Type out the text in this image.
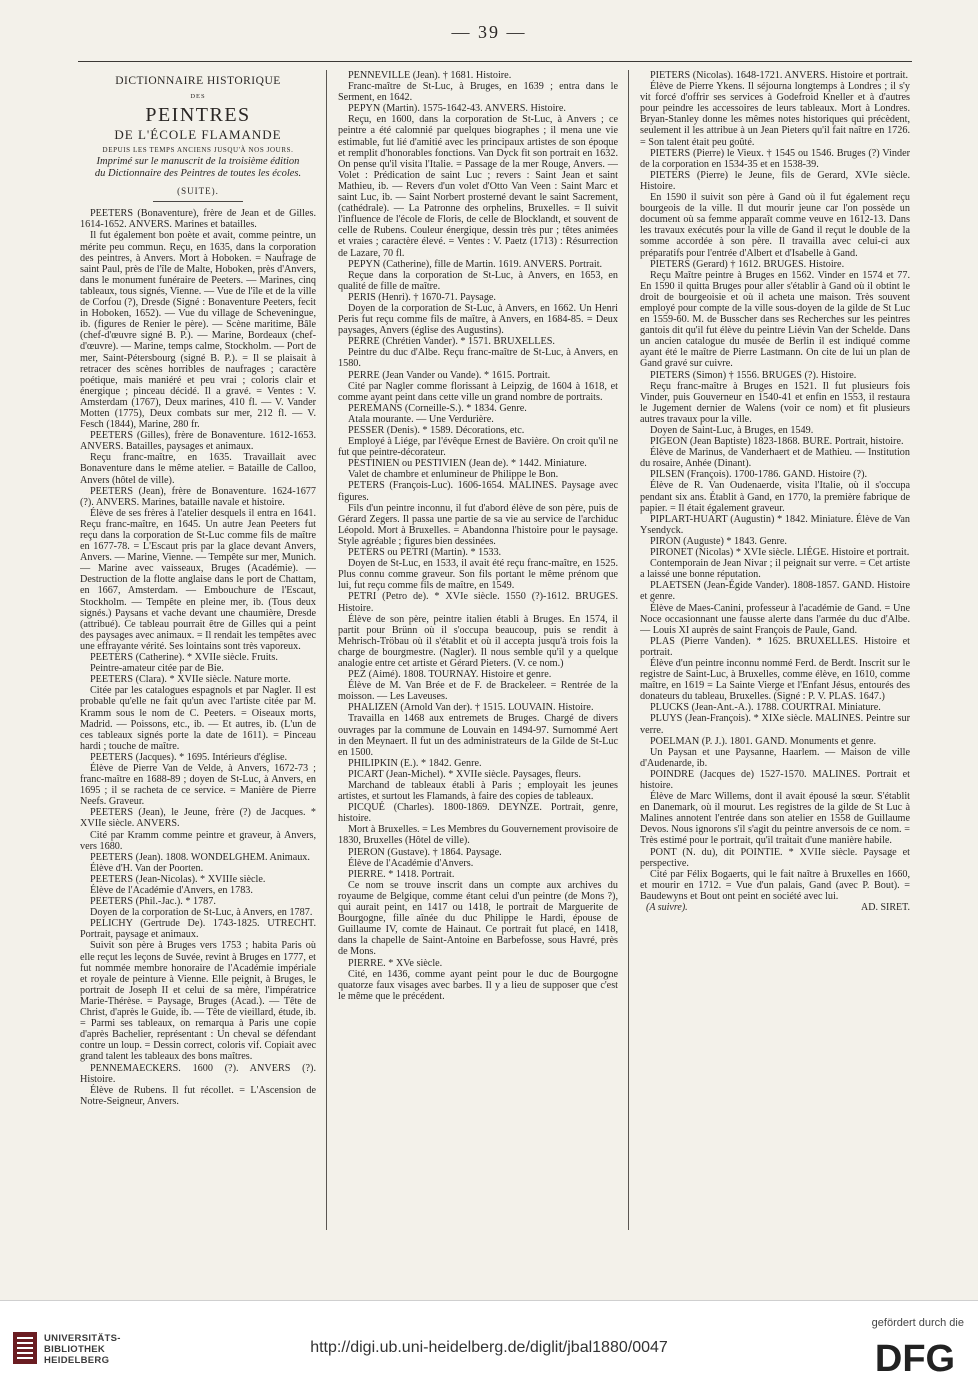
— 39 —

DICTIONNAIRE HISTORIQUE

DES

PEINTRES

DE L'ÉCOLE FLAMANDE

DEPUIS LES TEMPS ANCIENS JUSQU'À NOS JOURS.

Imprimé sur le manuscrit de la troisième édition

du Dictionnaire des Peintres de toutes les écoles.

(SUITE).

PEETERS (Bonaventure), frère de Jean et de Gilles. 1614-1652. ANVERS. Marines et batailles.

Il fut également bon poète et avait, comme peintre, un mérite peu commun. Reçu, en 1635, dans la corporation des peintres, à Anvers. Mort à Hoboken. = Naufrage de saint Paul, près de l'île de Malte, Hoboken, près d'Anvers, dans le monument funéraire de Peeters. — Marines, cinq tableaux, tous signés, Vienne. — Vue de l'île et de la ville de Corfou (?), Dresde (Signé : Bonaventure Peeters, fecit in Hoboken, 1652). — Vue du village de Scheveningue, ib. (figures de Renier le père). — Scène maritime, Bâle (chef-d'œuvre signé B. P.). — Marine, Bordeaux (chef-d'œuvre). — Marine, temps calme, Stockholm. — Port de mer, Saint-Pétersbourg (signé B. P.). = Il se plaisait à retracer des scènes horribles de naufrages ; caractère poétique, mais maniéré et peu vrai ; coloris clair et énergique ; pinceau décidé. Il a gravé. = Ventes : V. Amsterdam (1767), Deux marines, 410 fl. — V. Vander Motten (1775), Deux combats sur mer, 212 fl. — V. Fesch (1844), Marine, 280 fr.

PEETERS (Gilles), frère de Bonaventure. 1612-1653. ANVERS. Batailles, paysages et animaux.

Reçu franc-maître, en 1635. Travaillait avec Bonaventure dans le même atelier. = Bataille de Calloo, Anvers (hôtel de ville).

PEETERS (Jean), frère de Bonaventure. 1624-1677 (?). ANVERS. Marines, bataille navale et histoire.

Élève de ses frères à l'atelier desquels il entra en 1641. Reçu franc-maître, en 1645. Un autre Jean Peeters fut reçu dans la corporation de St-Luc comme fils de maître en 1677-78. = L'Escaut pris par la glace devant Anvers, Anvers. — Marine, Vienne. — Tempête sur mer, Munich. — Marine avec vaisseaux, Bruges (Académie). — Destruction de la flotte anglaise dans le port de Chattam, en 1667, Amsterdam. — Embouchure de l'Escaut, Stockholm. — Tempête en pleine mer, ib. (Tous deux signés.) Paysans et vache devant une chaumière, Dresde (attribué). Ce tableau pourrait être de Gilles qui a peint des paysages avec animaux. = Il rendait les tempêtes avec une effrayante vérité. Ses lointains sont très vaporeux.

PEETERS (Catherine). * XVIIe siècle. Fruits.

Peintre-amateur citée par de Bie.

PEETERS (Clara). * XVIIe siècle. Nature morte.

Citée par les catalogues espagnols et par Nagler. Il est probable qu'elle ne fait qu'un avec l'artiste citée par M. Kramm sous le nom de C. Peeters. = Oiseaux morts, Madrid. — Poissons, etc., ib. — Et autres, ib. (L'un de ces tableaux signés porte la date de 1611). = Pinceau hardi ; touche de maître.

PEETERS (Jacques). * 1695. Intérieurs d'église.

Élève de Pierre Van de Velde, à Anvers, 1672-73 ; franc-maître en 1688-89 ; doyen de St-Luc, à Anvers, en 1695 ; il se racheta de ce service. = Manière de Pierre Neefs. Graveur.

PEETERS (Jean), le Jeune, frère (?) de Jacques. * XVIIe siècle. ANVERS.

Cité par Kramm comme peintre et graveur, à Anvers, vers 1680.

PEETERS (Jean). 1808. WONDELGHEM. Animaux.

Élève d'H. Van der Poorten.

PEETERS (Jean-Nicolas). * XVIIIe siècle.

Élève de l'Académie d'Anvers, en 1783.

PEETERS (Phil.-Jac.). * 1787.

Doyen de la corporation de St-Luc, à Anvers, en 1787.

PELICHY (Gertrude De). 1743-1825. UTRECHT. Portrait, paysage et animaux.

Suivit son père à Bruges vers 1753 ; habita Paris où elle reçut les leçons de Suvée, revint à Bruges en 1777, et fut nommée membre honoraire de l'Académie impériale et royale de peinture à Vienne. Elle peignit, à Bruges, le portrait de Joseph II et celui de sa mère, l'impératrice Marie-Thérèse. = Paysage, Bruges (Acad.). — Tête de Christ, d'après le Guide, ib. — Tête de vieillard, étude, ib. = Parmi ses tableaux, on remarqua à Paris une copie d'après Bachelier, représentant : Un cheval se défendant contre un loup. = Dessin correct, coloris vif. Copiait avec grand talent les tableaux des bons maîtres.

PENNEMAECKERS. 1600 (?). ANVERS (?). Histoire.

Élève de Rubens. Il fut récollet. = L'Ascension de Notre-Seigneur, Anvers.

PENNEVILLE (Jean). † 1681. Histoire.

Franc-maître de St-Luc, à Bruges, en 1639 ; entra dans le Serment, en 1642.

PEPYN (Martin). 1575-1642-43. ANVERS. Histoire.

Reçu, en 1600, dans la corporation de St-Luc, à Anvers ; ce peintre a été calomnié par quelques biographes ; il mena une vie estimable, fut lié d'amitié avec les principaux artistes de son époque et remplit d'honorables fonctions. Van Dyck fit son portrait en 1632. On pense qu'il visita l'Italie. = Passage de la mer Rouge, Anvers. — Volet : Prédication de saint Luc ; revers : Saint Jean et saint Mathieu, ib. — Revers d'un volet d'Otto Van Veen : Saint Marc et saint Luc, ib. — Saint Norbert prosterné devant le saint Sacrement, (cathédrale). — La Patronne des orphelins, Bruxelles. = Il suivit l'influence de l'école de Floris, de celle de Blocklandt, et souvent de celle de Rubens. Couleur énergique, dessin très pur ; têtes animées et vraies ; caractère élevé. = Ventes : V. Paetz (1713) : Résurrection de Lazare, 70 fl.

PEPYN (Catherine), fille de Martin. 1619. ANVERS. Portrait.

Reçue dans la corporation de St-Luc, à Anvers, en 1653, en qualité de fille de maître.

PERIS (Henri). † 1670-71. Paysage.

Doyen de la corporation de St-Luc, à Anvers, en 1662. Un Henri Peris fut reçu comme fils de maître, à Anvers, en 1684-85. = Deux paysages, Anvers (église des Augustins).

PERRE (Chrétien Vander). * 1571. BRUXELLES.

Peintre du duc d'Albe. Reçu franc-maître de St-Luc, à Anvers, en 1580.

PERRE (Jean Vander ou Vande). * 1615. Portrait.

Cité par Nagler comme florissant à Leipzig, de 1604 à 1618, et comme ayant peint dans cette ville un grand nombre de portraits.

PEREMANS (Corneille-S.). * 1834. Genre.

Atala mourante. — Une Verdurière.

PESSER (Denis). * 1589. Décorations, etc.

Employé à Liége, par l'évêque Ernest de Bavière. On croit qu'il ne fut que peintre-décorateur.

PESTINIEN ou PESTIVIEN (Jean de). * 1442. Miniature.

Valet de chambre et enlumineur de Philippe le Bon.

PETERS (François-Luc). 1606-1654. MALINES. Paysage avec figures.

Fils d'un peintre inconnu, il fut d'abord élève de son père, puis de Gérard Zegers. Il passa une partie de sa vie au service de l'archiduc Léopold. Mort à Bruxelles. = Abandonna l'histoire pour le paysage. Style agréable ; figures bien dessinées.

PETERS ou PETRI (Martin). * 1533.

Doyen de St-Luc, en 1533, il avait été reçu franc-maître, en 1525. Plus connu comme graveur. Son fils portant le même prénom que lui, fut reçu comme fils de maître, en 1549.

PETRI (Petro de). * XVIe siècle. 1550 (?)-1612. BRUGES. Histoire.

Élève de son père, peintre italien établi à Bruges. En 1574, il partit pour Brünn où il s'occupa beaucoup, puis se rendit à Mehrisch-Tröbau où il s'établit et où il accepta jusqu'à trois fois la charge de bourgmestre. (Nagler). Il nous semble qu'il y a quelque analogie entre cet artiste et Gérard Pieters. (V. ce nom.)

PEZ (Aimé). 1808. TOURNAY. Histoire et genre.

Élève de M. Van Brée et de F. de Brackeleer. = Rentrée de la moisson. — Les Laveuses.

PHALIZEN (Arnold Van der). † 1515. LOUVAIN. Histoire.

Travailla en 1468 aux entremets de Bruges. Chargé de divers ouvrages par la commune de Louvain en 1494-97. Surnommé Aert in den Meynaert. Il fut un des administrateurs de la Gilde de St-Luc en 1500.

PHILIPKIN (E.). * 1842. Genre.

PICART (Jean-Michel). * XVIIe siècle. Paysages, fleurs.

Marchand de tableaux établi à Paris ; employait les jeunes artistes, et surtout les Flamands, à faire des copies de tableaux.

PICQUÉ (Charles). 1800-1869. DEYNZE. Portrait, genre, histoire.

Mort à Bruxelles. = Les Membres du Gouvernement provisoire de 1830, Bruxelles (Hôtel de ville).

PIERON (Gustave). † 1864. Paysage.

Élève de l'Académie d'Anvers.

PIERRE. * 1418. Portrait.

Ce nom se trouve inscrit dans un compte aux archives du royaume de Belgique, comme étant celui d'un peintre (de Mons ?), qui aurait peint, en 1417 ou 1418, le portrait de Marguerite de Bourgogne, fille aînée du duc Philippe le Hardi, épouse de Guillaume IV, comte de Hainaut. Ce portrait fut placé, en 1418, dans la chapelle de Saint-Antoine en Barbefosse, sous Havré, près de Mons.

PIERRE. * XVe siècle.

Cité, en 1436, comme ayant peint pour le duc de Bourgogne quatorze faux visages avec barbes. Il y a lieu de supposer que c'est le même que le précédent.

PIETERS (Nicolas). 1648-1721. ANVERS. Histoire et portrait.

Élève de Pierre Ykens. Il séjourna longtemps à Londres ; il s'y vit forcé d'offrir ses services à Godefroid Kneller et à d'autres pour peindre les accessoires de leurs tableaux. Mort à Londres. Bryan-Stanley donne les mêmes notes historiques qui précèdent, seulement il les attribue à un Jean Pieters qu'il fait naître en 1726. = Son talent était peu goûté.

PIETERS (Pierre) le Vieux. † 1545 ou 1546. Bruges (?) Vinder de la corporation en 1534-35 et en 1538-39.

PIETERS (Pierre) le Jeune, fils de Gerard, XVIe siècle. Histoire.

En 1590 il suivit son père à Gand où il fut également reçu bourgeois de la ville. Il dut mourir jeune car l'on possède un document où sa femme apparaît comme veuve en 1612-13. Dans les travaux exécutés pour la ville de Gand il reçut le double de la somme accordée à son père. Il travailla avec celui-ci aux préparatifs pour l'entrée d'Albert et d'Isabelle à Gand.

PIETERS (Gerard) † 1612. BRUGES. Histoire.

Reçu Maître peintre à Bruges en 1562. Vinder en 1574 et 77. En 1590 il quitta Bruges pour aller s'établir à Gand où il obtint le droit de bourgeoisie et où il acheta une maison. Très souvent employé pour compte de la ville sous-doyen de la gilde de St Luc en 1559-60. M. de Busscher dans ses Recherches sur les peintres gantois dit qu'il fut élève du peintre Liévin Van der Schelde. Dans un ancien catalogue du musée de Berlin il est indiqué comme ayant été le maître de Pierre Lastmann. On cite de lui un plan de Gand gravé sur cuivre.

PIETERS (Simon) † 1556. BRUGES (?). Histoire.

Reçu franc-maître à Bruges en 1521. Il fut plusieurs fois Vinder, puis Gouverneur en 1540-41 et enfin en 1553, il restaura le Jugement dernier de Walens (voir ce nom) et fit plusieurs autres travaux pour la ville.

Doyen de Saint-Luc, à Bruges, en 1549.

PIGEON (Jean Baptiste) 1823-1868. BURE. Portrait, histoire.

Élève de Marinus, de Vanderhaert et de Mathieu. — Institution du rosaire, Anhée (Dinant).

PILSEN (François). 1700-1786. GAND. Histoire (?).

Élève de R. Van Oudenaerde, visita l'Italie, où il s'occupa pendant six ans. Établit à Gand, en 1770, la première fabrique de papier. = Il était également graveur.

PIPLART-HUART (Augustin) * 1842. Miniature. Élève de Van Ysendyck.

PIRON (Auguste) * 1843. Genre.

PIRONET (Nicolas) * XVIe siècle. LIÉGE. Histoire et portrait.

Contemporain de Jean Nivar ; il peignait sur verre. = Cet artiste a laissé une bonne réputation.

PLAETSEN (Jean-Égide Vander). 1808-1857. GAND. Histoire et genre.

Élève de Maes-Canini, professeur à l'académie de Gand. = Une Noce occasionnant une fausse alerte dans l'armée du duc d'Albe. — Louis XI auprès de saint François de Paule, Gand.

PLAS (Pierre Vanden). * 1625. BRUXELLES. Histoire et portrait.

Élève d'un peintre inconnu nommé Ferd. de Berdt. Inscrit sur le registre de Saint-Luc, à Bruxelles, comme élève, en 1610, comme maître, en 1619 = La Sainte Vierge et l'Enfant Jésus, entourés des donateurs du tableau, Bruxelles. (Signé : P. V. PLAS. 1647.)

PLUCKS (Jean-Ant.-A.). 1788. COURTRAI. Miniature.

PLUYS (Jean-François). * XIXe siècle. MALINES. Peintre sur verre.

POELMAN (P. J.). 1801. GAND. Monuments et genre.

Un Paysan et une Paysanne, Haarlem. — Maison de ville d'Audenarde, ib.

POINDRE (Jacques de) 1527-1570. MALINES. Portrait et histoire.

Élève de Marc Willems, dont il avait épousé la sœur. S'établit en Danemark, où il mourut. Les registres de la gilde de St Luc à Malines annotent l'entrée dans son atelier en 1558 de Guillaume Devos. Nous ignorons s'il s'agit du peintre anversois de ce nom. = Très estimé pour le portrait, qu'il traitait d'une manière habile.

PONT (N. du), dit POINTIE. * XVIIe siècle. Paysage et perspective.

Cité par Félix Bogaerts, qui le fait naître à Bruxelles en 1660, et mourir en 1712. = Vue d'un palais, Gand (avec P. Bout). = Baudewyns et Bout ont peint en société avec lui.

(A suivre).	AD. SIRET.

UNIVERSITÄTS-
BIBLIOTHEK
HEIDELBERG
http://digi.ub.uni-heidelberg.de/diglit/jbal1880/0047
gefördert durch die
DFG
